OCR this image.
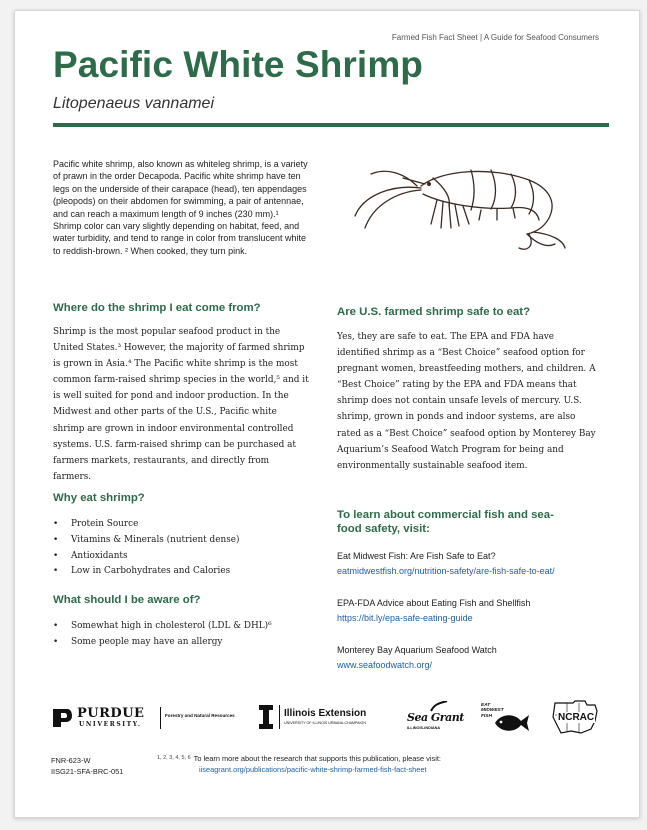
Farmed Fish Fact Sheet | A Guide for Seafood Consumers
Pacific White Shrimp
Litopenaeus vannamei

Pacific white shrimp, also known as whiteleg shrimp, is a variety of prawn in the order Decapoda. Pacific white shrimp have ten legs on the underside of their carapace (head), ten appendages (pleopods) on their abdomen for swimming, a pair of antennae, and can reach a maximum length of 9 inches (230 mm).¹ Shrimp color can vary slightly depending on habitat, feed, and water turbidity, and tend to range in color from translucent white to reddish-brown. ² When cooked, they turn pink.

Where do the shrimp I eat come from?

Shrimp is the most popular seafood product in the United States.³ However, the majority of farmed shrimp is grown in Asia.⁴ The Pacific white shrimp is the most common farm-raised shrimp species in the world,⁵ and it is well suited for pond and indoor production. In the Midwest and other parts of the U.S., Pacific white shrimp are grown in indoor environmental controlled systems. U.S. farm-raised shrimp can be purchased at farmers markets, restaurants, and directly from farmers.

Why eat shrimp?
• Protein Source
• Vitamins & Minerals (nutrient dense)
• Antioxidants
• Low in Carbohydrates and Calories
What should I be aware of?
• Somewhat high in cholesterol (LDL & DHL)⁶
• Some people may have an allergy
Are U.S. farmed shrimp safe to eat?

Yes, they are safe to eat. The EPA and FDA have identified shrimp as a “Best Choice” seafood option for pregnant women, breastfeeding mothers, and children. A “Best Choice” rating by the EPA and FDA means that shrimp does not contain unsafe levels of mercury. U.S. shrimp, grown in ponds and indoor systems, are also rated as a “Best Choice” seafood option by Monterey Bay Aquarium’s Seafood Watch Program for being and environmentally sustainable seafood item.

To learn about commercial fish and sea-
food safety, visit:
Eat Midwest Fish: Are Fish Safe to Eat?
eatmidwestfish.org/nutrition-safety/are-fish-safe-to-eat/
EPA-FDA Advice about Eating Fish and Shellfish
https://bit.ly/epa-safe-eating-guide
Monterey Bay Aquarium Seafood Watch
www.seafoodwatch.org/
PURDUE
UNIVERSITY.
Forestry and Natural Resources	Illinois Extension
UNIVERSITY OF ILLINOIS URBANA-CHAMPAIGN	Sea Grant
ILLINOIS-INDIANA
EAT MIDWEST FISH	NCRAC
FNR-623-W
IISG21-SFA-BRC-051
$^{1, 2, 3, 4, 5, 6}$ To learn more about the research that supports this publication, please visit:
iiseagrant.org/publications/pacific-white-shrimp-farmed-fish-fact-sheet
